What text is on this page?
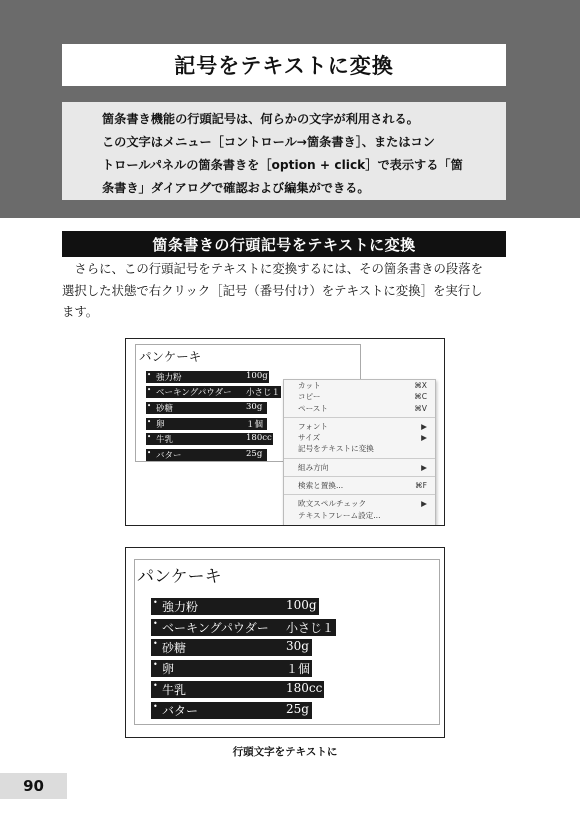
記号をテキストに変換
箇条書き機能の行頭記号は、何らかの文字が利用される。
この文字はメニュー［コントロール→箇条書き］、またはコン
トロールパネルの箇条書きを［option + click］で表示する「箇
条書き」ダイアログで確認および編集ができる。
箇条書きの行頭記号をテキストに変換
　さらに、この行頭記号をテキストに変換するには、その箇条書きの段落を
選択した状態で右クリック［記号（番号付け）をテキストに変換］を実行し
ます。
パンケーキ
• 強力粉	100g
• ベーキングパウダー	小さじ１
• 砂糖	30g
• 卵	１個
• 牛乳	180cc
• バター	25g
カット	⌘X
コピー	⌘C
ペースト	⌘V
フォント	▶
サイズ	▶
記号をテキストに変換
組み方向	▶
検索と置換...	⌘F
欧文スペルチェック	▶
テキストフレーム設定...
パンケーキ
• 強力粉	100g
• ベーキングパウダー	小さじ１
• 砂糖	30g
• 卵	１個
• 牛乳	180cc
• バター	25g
行頭文字をテキストに
90
